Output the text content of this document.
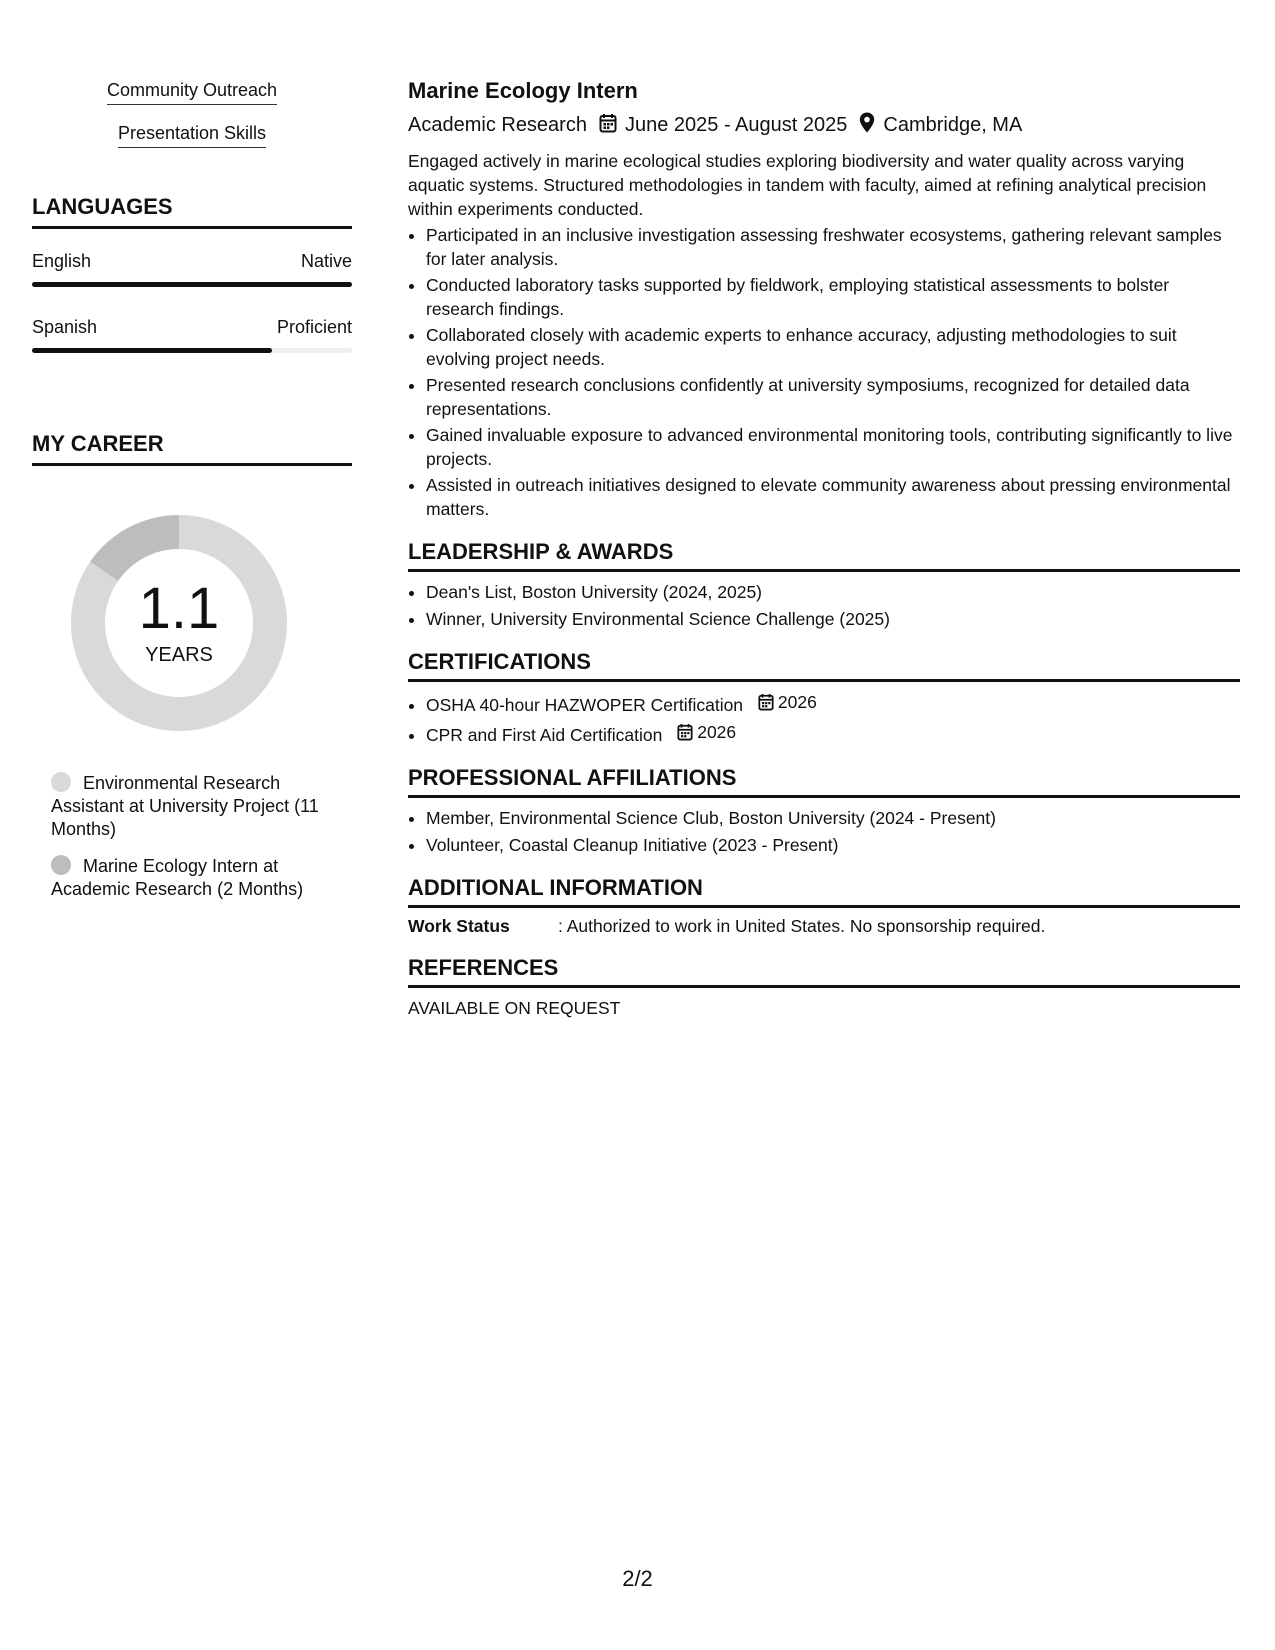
Community Outreach
Presentation Skills
LANGUAGES
English	Native
Spanish	Proficient
MY CAREER
1.1
YEARS
Environmental Research Assistant at University Project (11 Months)
Marine Ecology Intern at Academic Research (2 Months)
Marine Ecology Intern
Academic Research June 2025 - August 2025 Cambridge, MA
Engaged actively in marine ecological studies exploring biodiversity and water quality across varying aquatic systems. Structured methodologies in tandem with faculty, aimed at refining analytical precision within experiments conducted.
• Participated in an inclusive investigation assessing freshwater ecosystems, gathering relevant samples for later analysis.
• Conducted laboratory tasks supported by fieldwork, employing statistical assessments to bolster research findings.
• Collaborated closely with academic experts to enhance accuracy, adjusting methodologies to suit evolving project needs.
• Presented research conclusions confidently at university symposiums, recognized for detailed data representations.
• Gained invaluable exposure to advanced environmental monitoring tools, contributing significantly to live projects.
• Assisted in outreach initiatives designed to elevate community awareness about pressing environmental matters.
LEADERSHIP & AWARDS
• Dean's List, Boston University (2024, 2025)
• Winner, University Environmental Science Challenge (2025)
CERTIFICATIONS
• OSHA 40-hour HAZWOPER Certification 2026
• CPR and First Aid Certification 2026
PROFESSIONAL AFFILIATIONS
• Member, Environmental Science Club, Boston University (2024 - Present)
• Volunteer, Coastal Cleanup Initiative (2023 - Present)
ADDITIONAL INFORMATION
Work Status	: Authorized to work in United States. No sponsorship required.
REFERENCES
AVAILABLE ON REQUEST
2/2
